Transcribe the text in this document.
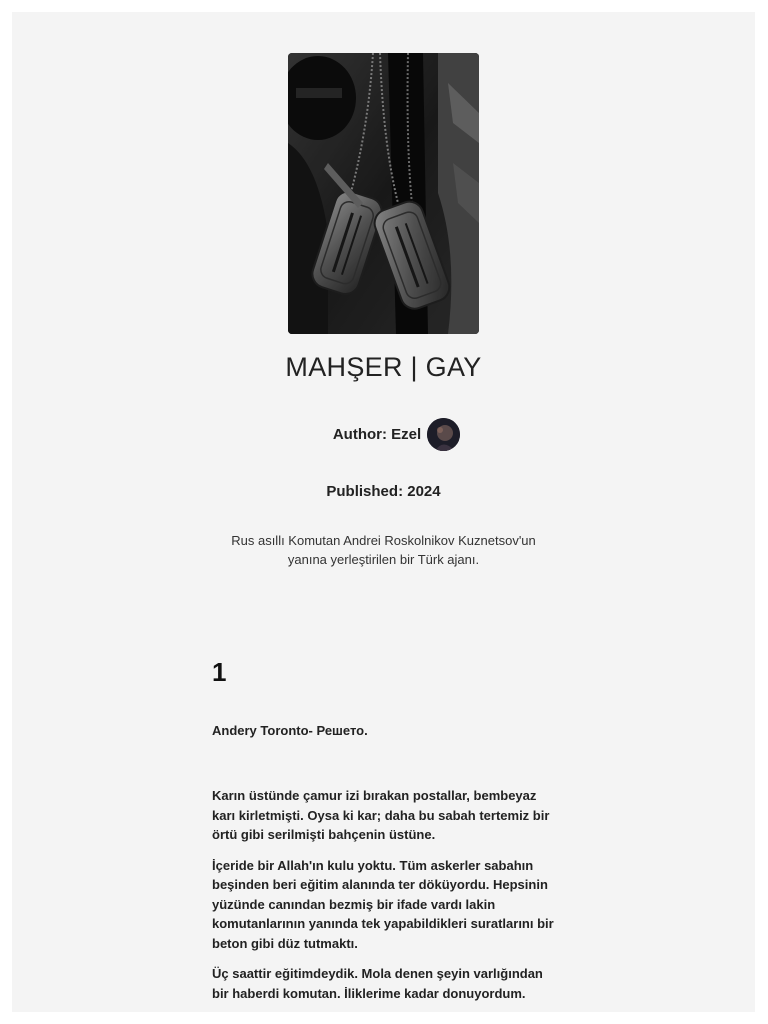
MAHŞER | GAY
Author: Ezel
Published: 2024
Rus asıllı Komutan Andrei Roskolnikov Kuznetsov'un yanına yerleştirilen bir Türk ajanı.
1
Andery Toronto- Решето.

Karın üstünde çamur izi bırakan postallar, bembeyaz karı kirletmişti. Oysa ki kar; daha bu sabah tertemiz bir örtü gibi serilmişti bahçenin üstüne.

İçeride bir Allah'ın kulu yoktu. Tüm askerler sabahın beşinden beri eğitim alanında ter döküyordu. Hepsinin yüzünde canından bezmiş bir ifade vardı lakin komutanlarının yanında tek yapabildikleri suratlarını bir beton gibi düz tutmaktı.

Üç saattir eğitimdeydik. Mola denen şeyin varlığından bir haberdi komutan. İliklerime kadar donuyordum.
